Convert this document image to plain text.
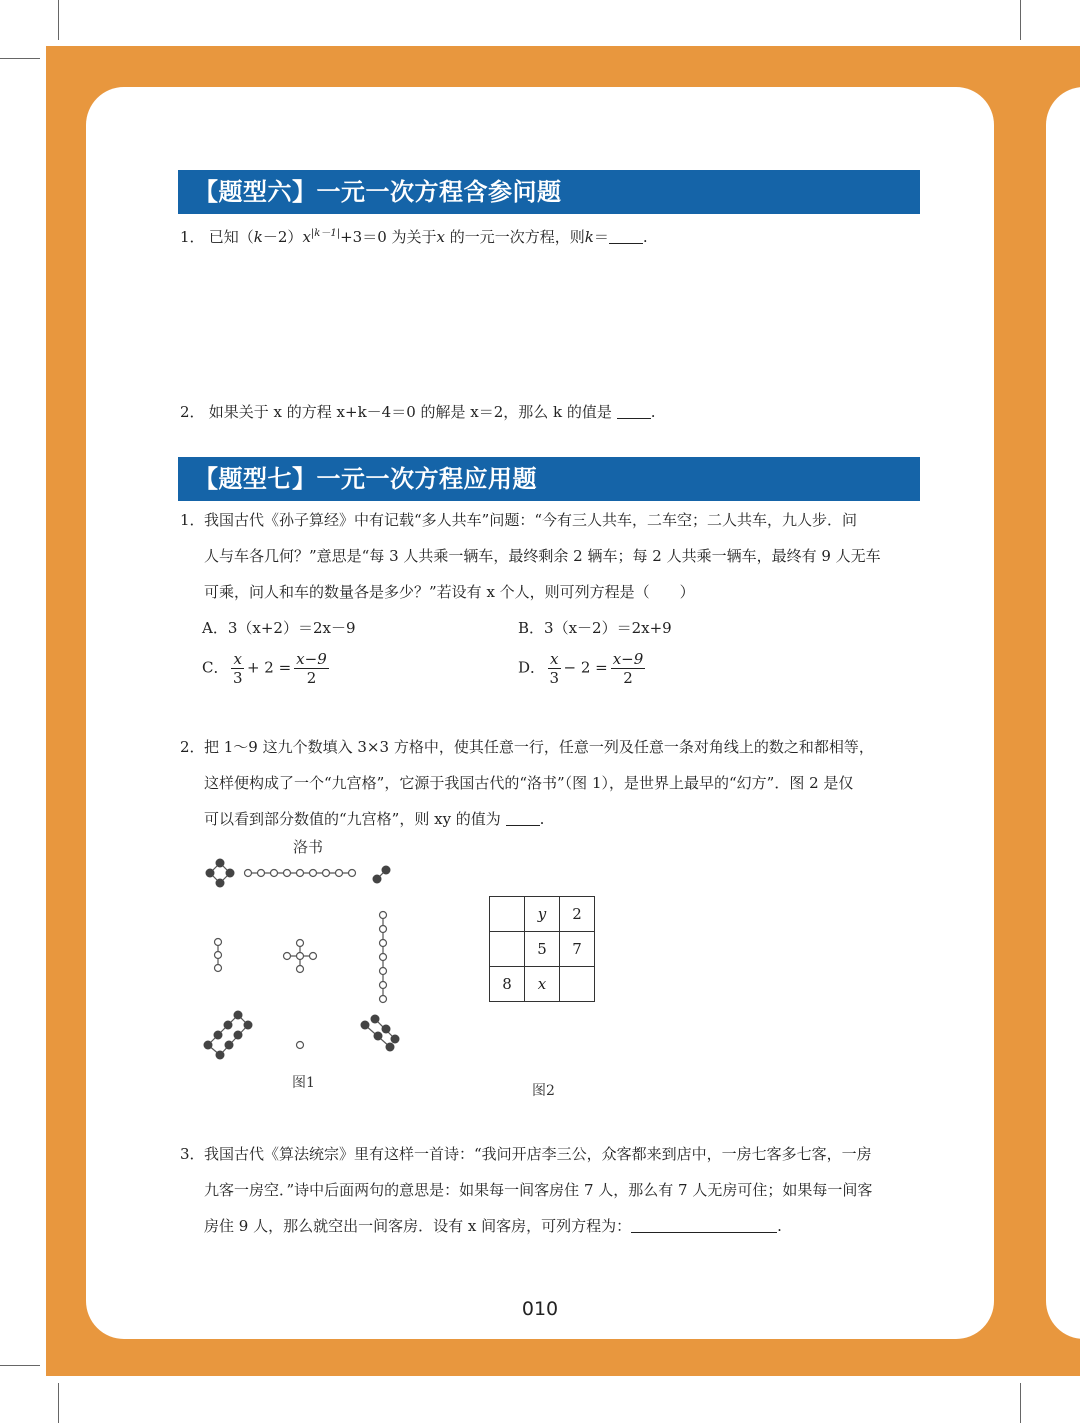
【题型六】一元一次方程含参问题
1． 已知$(k-2)x^{|k-1|}+3=0$ 为关于x 的一元一次方程，则k＝ .
2． 如果关于 x 的方程 x+k－4＝0 的解是 x＝2，那么 k 的值是	.
【题型七】一元一次方程应用题
1．我国古代《孙子算经》中有记载“多人共车”问题：“今有三人共车，二车空；二人共车，九人步．问
人与车各几何？”意思是“每 3 人共乘一辆车，最终剩余 2 辆车；每 2 人共乘一辆车，最终有 9 人无车
可乘，问人和车的数量各是多少？”若设有 x 个人，则可列方程是（　　）
A．3（x+2）＝2x－9	B．3（x－2）＝2x+9
C． $\frac{x}{3} + 2 = \frac{x-9}{2}$	D． $\frac{x}{3} - 2 = \frac{x-9}{2}$
2．把 1～9 这九个数填入 3×3 方格中，使其任意一行，任意一列及任意一条对角线上的数之和都相等，
这样便构成了一个“九宫格”，它源于我国古代的“洛书”（图 1），是世界上最早的“幻方”．图 2 是仅
可以看到部分数值的“九宫格”，则 xy 的值为	.
洛书
图1
	y	2
	5	7
8	x	
图2
3．我国古代《算法统宗》里有这样一首诗：“我问开店李三公，众客都来到店中，一房七客多七客，一房
九客一房空．”诗中后面两句的意思是：如果每一间客房住 7 人，那么有 7 人无房可住；如果每一间客
房住 9 人，那么就空出一间客房．设有 x 间客房，可列方程为：	.
010
